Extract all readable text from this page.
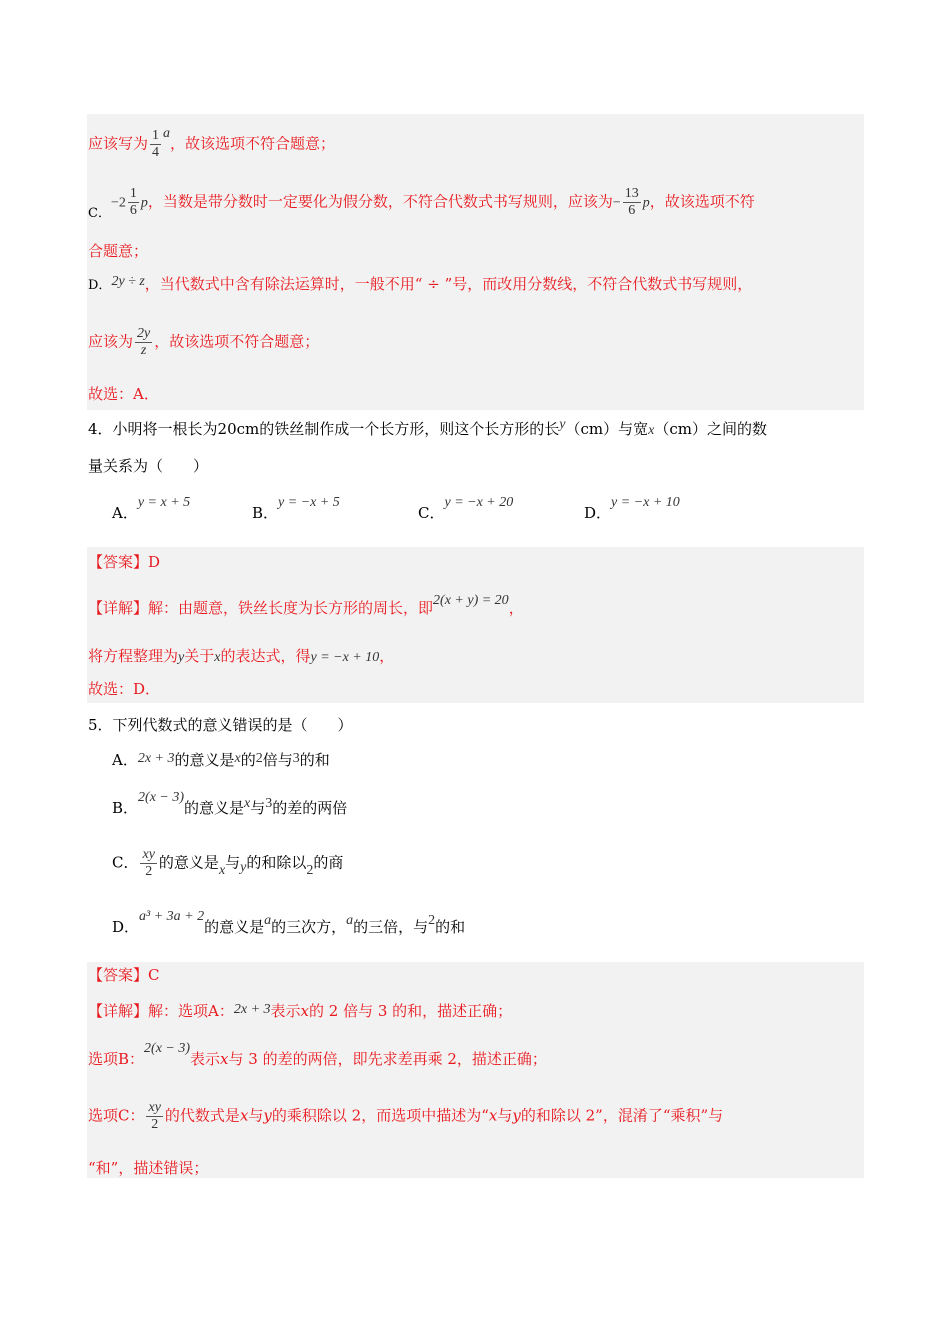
应该写为 $\frac{1}{4}$ a，故该选项不符合题意；
C．$-2 \frac{1}{6}$ p，当数是带分数时一定要化为假分数，不符合代数式书写规则，应该为− $\frac{13}{6}$ p，故该选项不符
合题意；
D．2y ÷ z，当代数式中含有除法运算时，一般不用“ ÷ ”号，而改用分数线，不符合代数式书写规则，
应该为 $\frac{2y}{z}$ ，故该选项不符合题意；
故选：A．
4．小明将一根长为20cm的铁丝制作成一个长方形，则这个长方形的长y（cm）与宽x（cm）之间的数
量关系为（　　）
A．y = x + 5
B．y = −x + 5
C．y = −x + 20
D．y = −x + 10
【答案】D
【详解】解：由题意，铁丝长度为长方形的周长，即2(x + y) = 20，
将方程整理为y关于x的表达式，得y = −x + 10，
故选：D．
5．下列代数式的意义错误的是（　　）
A．2x + 3的意义是x的2倍与3的和
B．2(x − 3)的意义是x与3的差的两倍
C． $\frac{xy}{2}$ 的意义是x与y的和除以2的商
D．a³ + 3a + 2的意义是a的三次方，a的三倍，与2的和
【答案】C
【详解】解：选项A：2x + 3表示x的 2 倍与 3 的和，描述正确；
选项B：2(x − 3)表示x与 3 的差的两倍，即先求差再乘 2，描述正确；
选项C： $\frac{xy}{2}$ 的代数式是x与y的乘积除以 2，而选项中描述为“x与y的和除以 2”，混淆了“乘积”与
“和”，描述错误；
